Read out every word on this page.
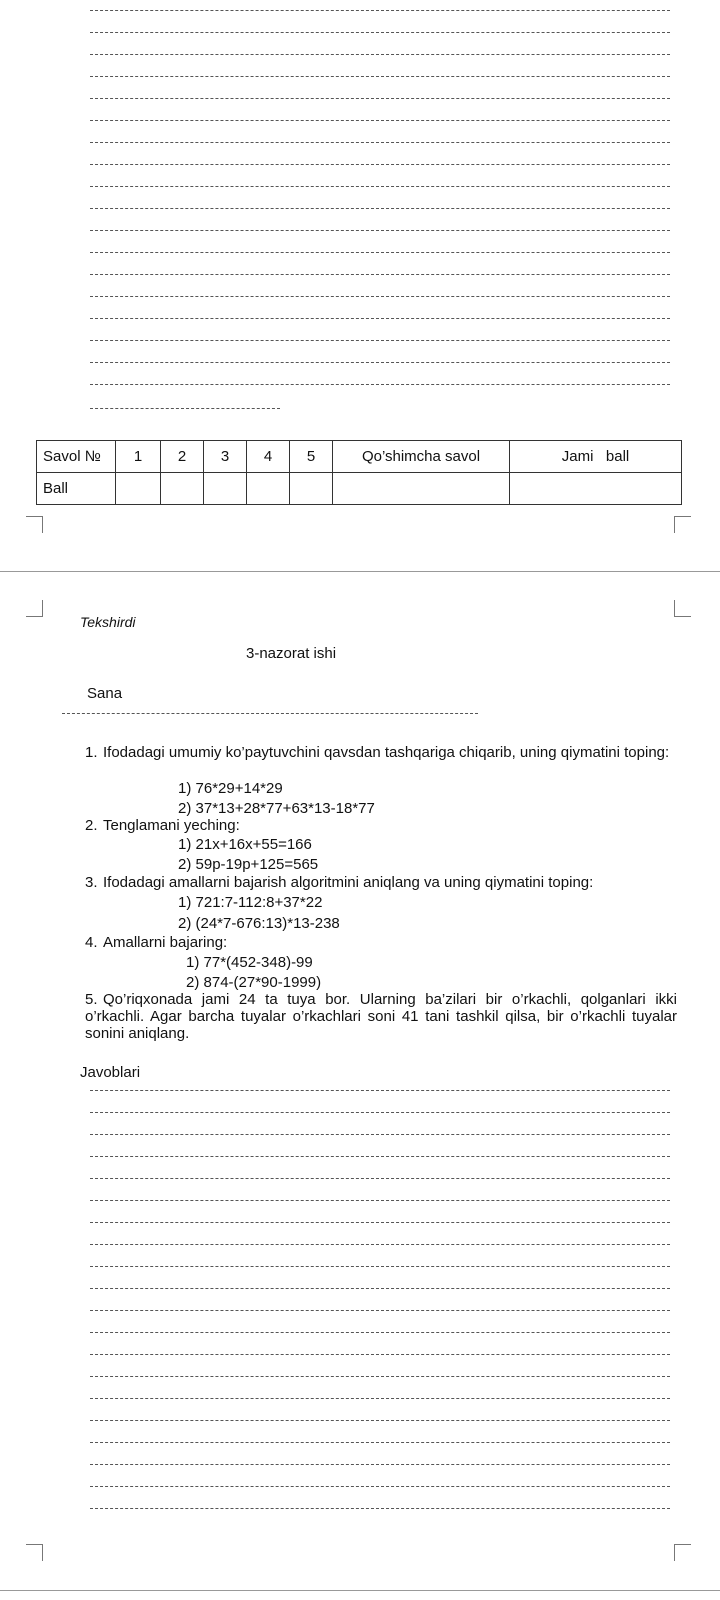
Savol №	1	2	3	4	5	Qo’shimcha savol	Jami   ball
Ball							
Tekshirdi
3-nazorat ishi
Sana
1. Ifodadagi umumiy ko’paytuvchini qavsdan tashqariga chiqarib, uning qiymatini toping:
1) 76*29+14*29
2) 37*13+28*77+63*13-18*77
2. Tenglamani yeching:
1) 21x+16x+55=166
2) 59p-19p+125=565
3. Ifodadagi amallarni bajarish algoritmini aniqlang va uning qiymatini toping:
1) 721:7-112:8+37*22
2) (24*7-676:13)*13-238
4. Amallarni bajaring:
1) 77*(452-348)-99
2) 874-(27*90-1999)
5. Qo’riqxonada jami 24 ta tuya bor. Ularning ba’zilari bir o’rkachli, qolganlari ikki o’rkachli. Agar barcha tuyalar o’rkachlari soni 41 tani tashkil qilsa, bir o’rkachli tuyalar sonini aniqlang.
Javoblari
